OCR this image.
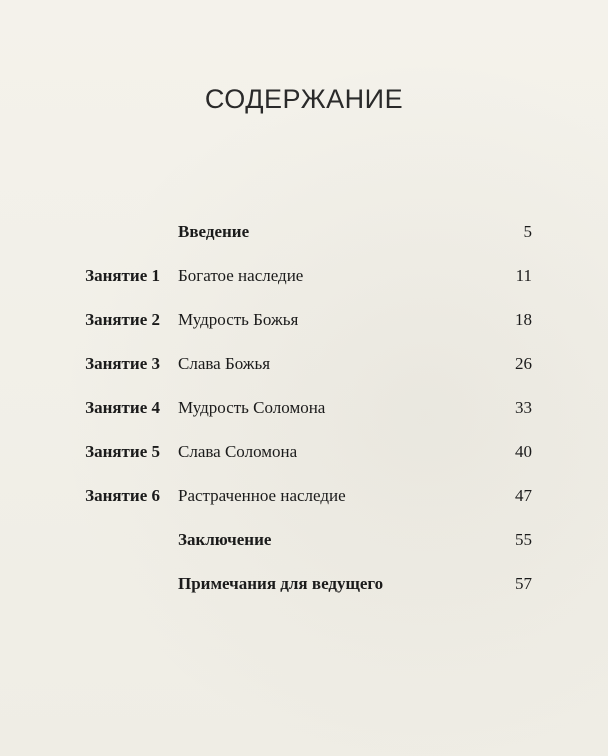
СОДЕРЖАНИЕ
Введение	5
Занятие 1 Богатое наследие	11
Занятие 2 Мудрость Божья	18
Занятие 3 Слава Божья	26
Занятие 4 Мудрость Соломона	33
Занятие 5 Слава Соломона	40
Занятие 6 Растраченное наследие	47
Заключение	55
Примечания для ведущего	57
